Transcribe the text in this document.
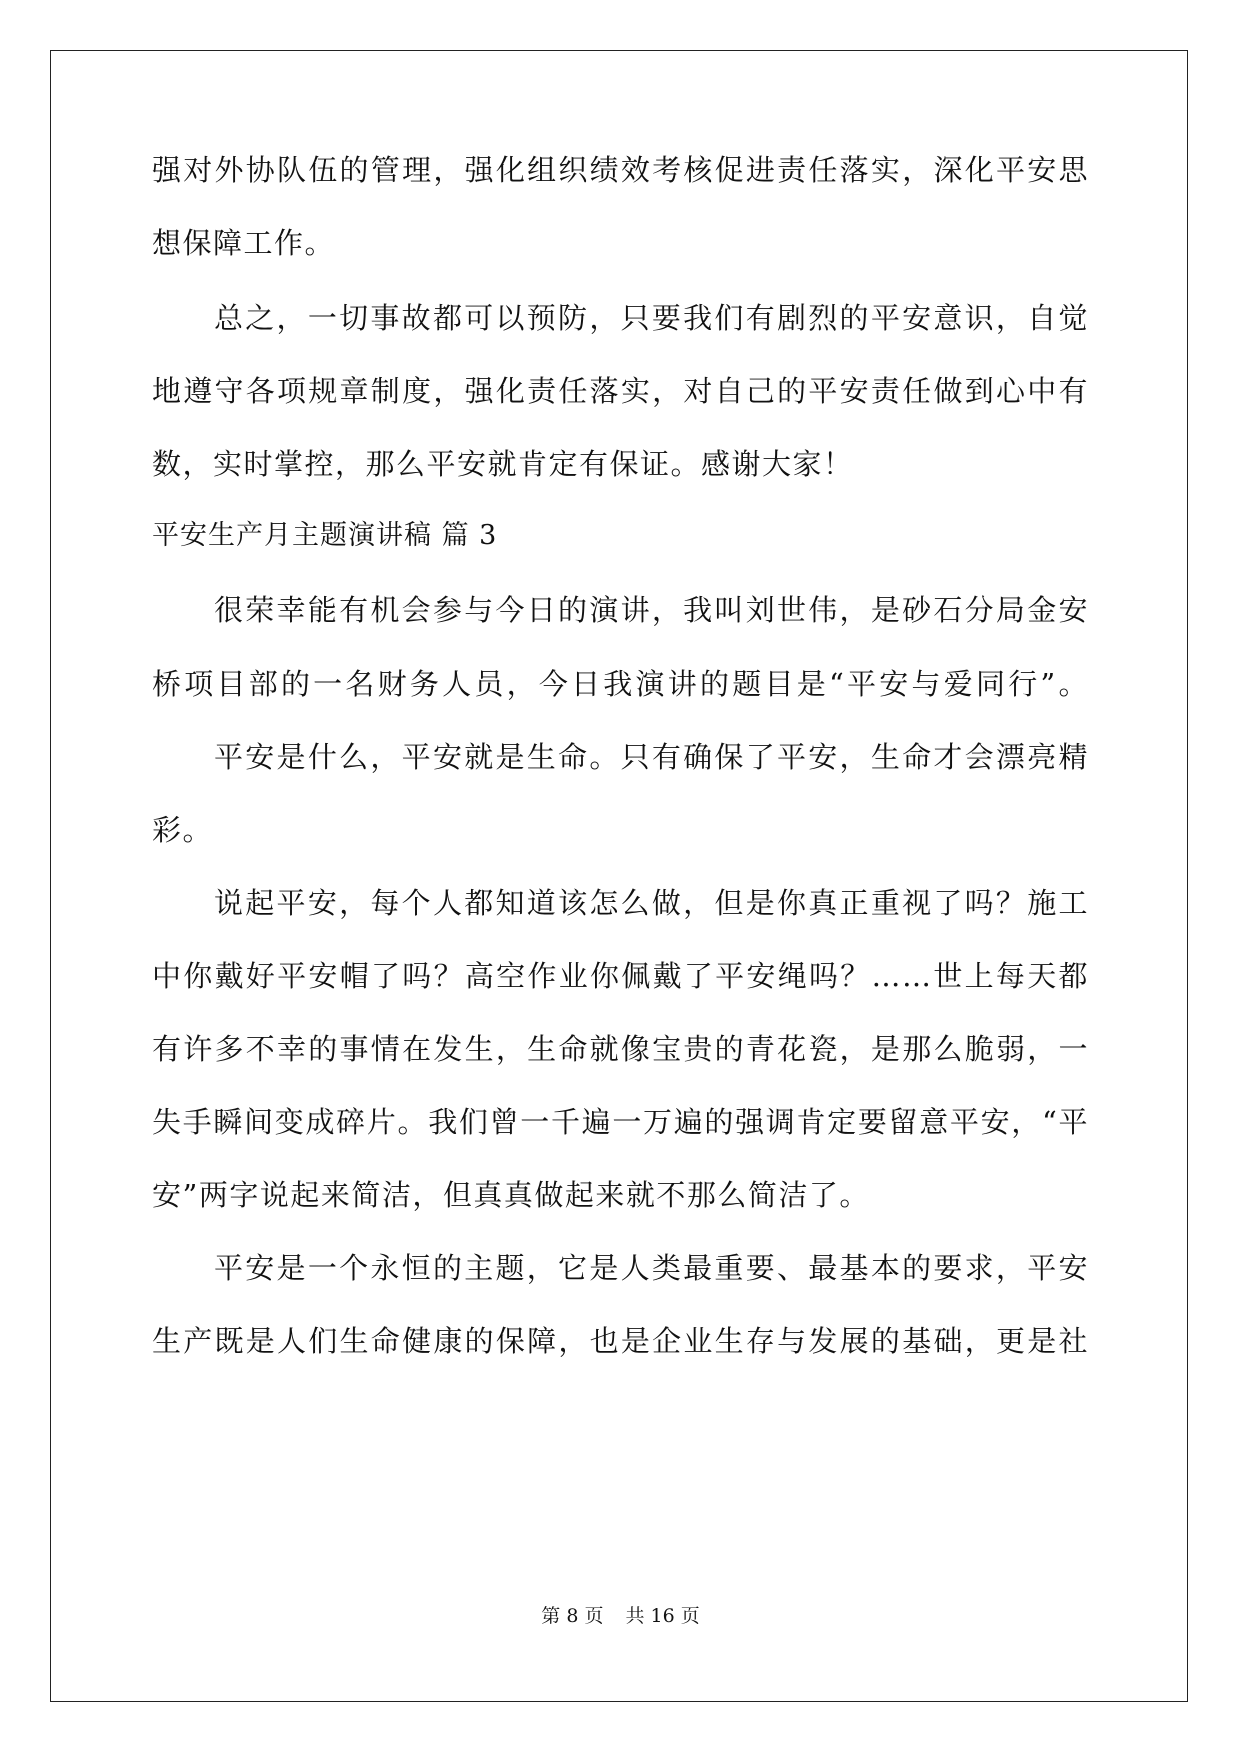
强对外协队伍的管理，强化组织绩效考核促进责任落实，深化平安思
想保障工作。
总之，一切事故都可以预防，只要我们有剧烈的平安意识，自觉
地遵守各项规章制度，强化责任落实，对自己的平安责任做到心中有
数，实时掌控，那么平安就肯定有保证。感谢大家！
平安生产月主题演讲稿 篇 3
很荣幸能有机会参与今日的演讲，我叫刘世伟，是砂石分局金安
桥项目部的一名财务人员，今日我演讲的题目是“平安与爱同行”。
平安是什么，平安就是生命。只有确保了平安，生命才会漂亮精
彩。
说起平安，每个人都知道该怎么做，但是你真正重视了吗？施工
中你戴好平安帽了吗？高空作业你佩戴了平安绳吗？……世上每天都
有许多不幸的事情在发生，生命就像宝贵的青花瓷，是那么脆弱，一
失手瞬间变成碎片。我们曾一千遍一万遍的强调肯定要留意平安，“平
安”两字说起来简洁，但真真做起来就不那么简洁了。
平安是一个永恒的主题，它是人类最重要、最基本的要求，平安
生产既是人们生命健康的保障，也是企业生存与发展的基础，更是社
第 8 页 共 16 页
